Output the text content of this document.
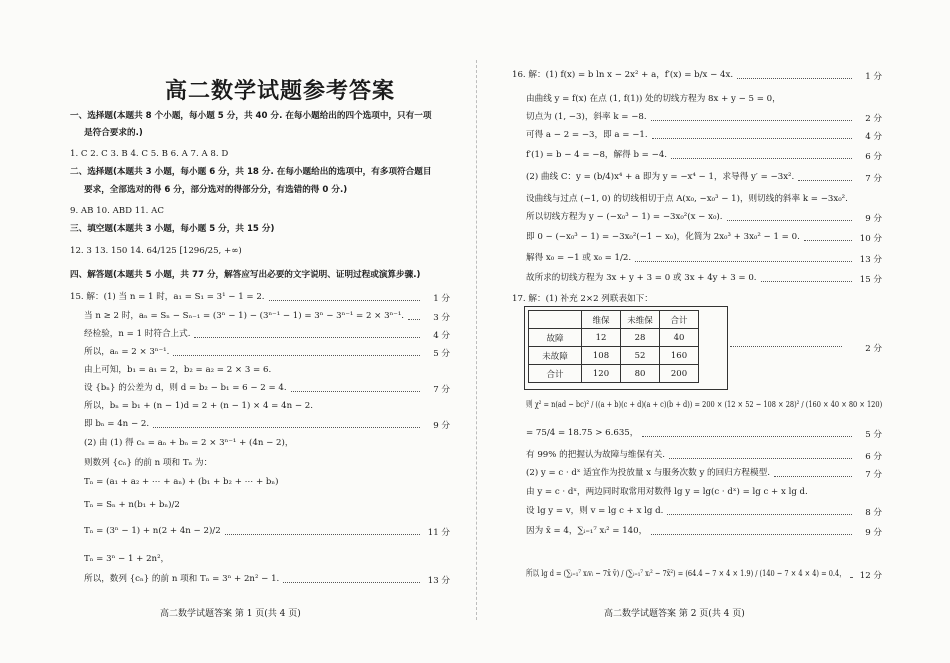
高二数学试题参考答案
一、选择题(本题共 8 个小题，每小题 5 分，共 40 分. 在每小题给出的四个选项中，只有一项
是符合要求的.)
1. C 2. C 3. B 4. C 5. B 6. A 7. A 8. D
二、选择题(本题共 3 小题，每小题 6 分，共 18 分. 在每小题给出的选项中，有多项符合题目
要求，全部选对的得 6 分，部分选对的得部分分，有选错的得 0 分.)
9. AB 10. ABD 11. AC
三、填空题(本题共 3 小题，每小题 5 分，共 15 分)
12. 3 13. 150 14. 64/125 [1296/25, +∞)
四、解答题(本题共 5 小题，共 77 分，解答应写出必要的文字说明、证明过程或演算步骤.)
15. 解：(1) 当 n = 1 时，a₁ = S₁ = 3¹ − 1 = 2.	1 分
当 n ≥ 2 时，aₙ = Sₙ − Sₙ₋₁ = (3ⁿ − 1) − (3ⁿ⁻¹ − 1) = 3ⁿ − 3ⁿ⁻¹ = 2 × 3ⁿ⁻¹.	3 分
经检验，n = 1 时符合上式.	4 分
所以，aₙ = 2 × 3ⁿ⁻¹.	5 分
由上可知，b₁ = a₁ = 2，b₂ = a₂ = 2 × 3 = 6.
设 {bₙ} 的公差为 d，则 d = b₂ − b₁ = 6 − 2 = 4.	7 分
所以，bₙ = b₁ + (n − 1)d = 2 + (n − 1) × 4 = 4n − 2.
即 bₙ = 4n − 2.	9 分
(2) 由 (1) 得 cₙ = aₙ + bₙ = 2 × 3ⁿ⁻¹ + (4n − 2)，
则数列 {cₙ} 的前 n 项和 Tₙ 为：
Tₙ = (a₁ + a₂ + ⋯ + aₙ) + (b₁ + b₂ + ⋯ + bₙ)
Tₙ = Sₙ + n(b₁ + bₙ)/2
Tₙ = (3ⁿ − 1) + n(2 + 4n − 2)/2	11 分
Tₙ = 3ⁿ − 1 + 2n²，
所以，数列 {cₙ} 的前 n 项和 Tₙ = 3ⁿ + 2n² − 1.	13 分
高二数学试题答案 第 1 页(共 4 页)
16. 解：(1) f(x) = b ln x − 2x² + a，f′(x) = b/x − 4x.	1 分
由曲线 y = f(x) 在点 (1, f(1)) 处的切线方程为 8x + y − 5 = 0，
切点为 (1, −3)，斜率 k = −8.	2 分
可得 a − 2 = −3，即 a = −1.	4 分
f′(1) = b − 4 = −8，解得 b = −4.	6 分
(2) 曲线 C：y = (b/4)x⁴ + a 即为 y = −x⁴ − 1，求导得 y′ = −3x².	7 分
设曲线与过点 (−1, 0) 的切线相切于点 A(x₀, −x₀³ − 1)，则切线的斜率 k = −3x₀².
所以切线方程为 y − (−x₀³ − 1) = −3x₀²(x − x₀).	9 分
即 0 − (−x₀³ − 1) = −3x₀²(−1 − x₀)，化简为 2x₀³ + 3x₀² − 1 = 0.	10 分
解得 x₀ = −1 或 x₀ = 1/2.	13 分
故所求的切线方程为 3x + y + 3 = 0 或 3x + 4y + 3 = 0.	15 分
17. 解：(1) 补充 2×2 列联表如下：
则 χ² = n(ad − bc)² / ((a + b)(c + d)(a + c)(b + d)) = 200 × (12 × 52 − 108 × 28)² / (160 × 40 × 80 × 120)
= 75/4 = 18.75 > 6.635，	5 分
有 99% 的把握认为故障与维保有关.	6 分
(2) y = c · dˣ 适宜作为投放量 x 与服务次数 y 的回归方程模型.	7 分
由 y = c · dˣ，两边同时取常用对数得 lg y = lg(c · dˣ) = lg c + x lg d.
设 lg y = v，则 v = lg c + x lg d.	8 分
因为 x̄ = 4，∑ᵢ₌₁⁷ xᵢ² = 140，	9 分
所以 lg d = (∑ᵢ₌₁⁷ xᵢvᵢ − 7x̄ v̄) / (∑ᵢ₌₁⁷ xᵢ² − 7x̄²) = (64.4 − 7 × 4 × 1.9) / (140 − 7 × 4 × 4) = 0.4， 12 分
	维保	未维保	合计
故障	12	28	40
未故障	108	52	160
合计	120	80	200
2 分
高二数学试题答案 第 2 页(共 4 页)
